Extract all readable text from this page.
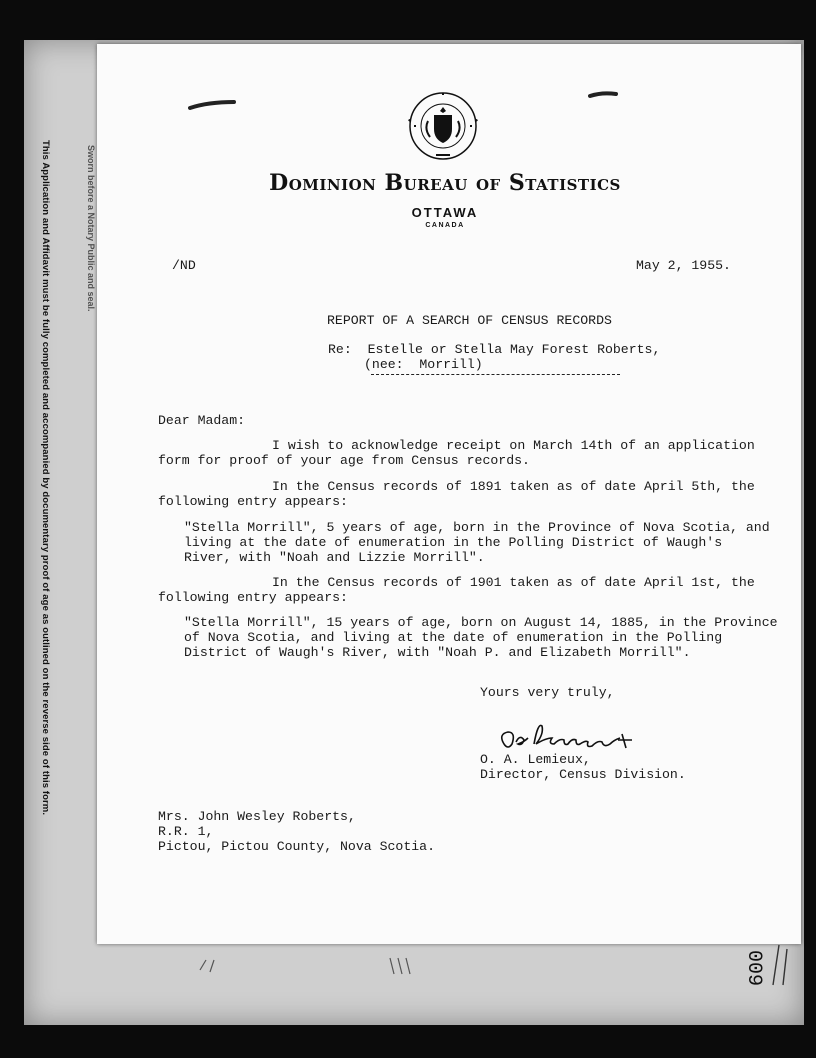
This Application and Affidavit must be fully completed and accompanied by documentary proof of age as outlined on the reverse side of this form.	Sworn before a Notary Public and seal.
009
Dominion Bureau of Statistics
OTTAWA
CANADA
/ND	May 2, 1955.
REPORT OF A SEARCH OF CENSUS RECORDS
Re:  Estelle or Stella May Forest Roberts,
(nee:  Morrill)
Dear Madam:
I wish to acknowledge receipt on March 14th of an application
form for proof of your age from Census records.
In the Census records of 1891 taken as of date April 5th, the
following entry appears:
"Stella Morrill", 5 years of age, born in the Province of Nova Scotia, and
living at the date of enumeration in the Polling District of Waugh's
River, with "Noah and Lizzie Morrill".
In the Census records of 1901 taken as of date April 1st, the
following entry appears:
"Stella Morrill", 15 years of age, born on August 14, 1885, in the Province
of Nova Scotia, and living at the date of enumeration in the Polling
District of Waugh's River, with "Noah P. and Elizabeth Morrill".
Yours very truly,
O. A. Lemieux,
Director, Census Division.
Mrs. John Wesley Roberts,
R.R. 1,
Pictou, Pictou County, Nova Scotia.
